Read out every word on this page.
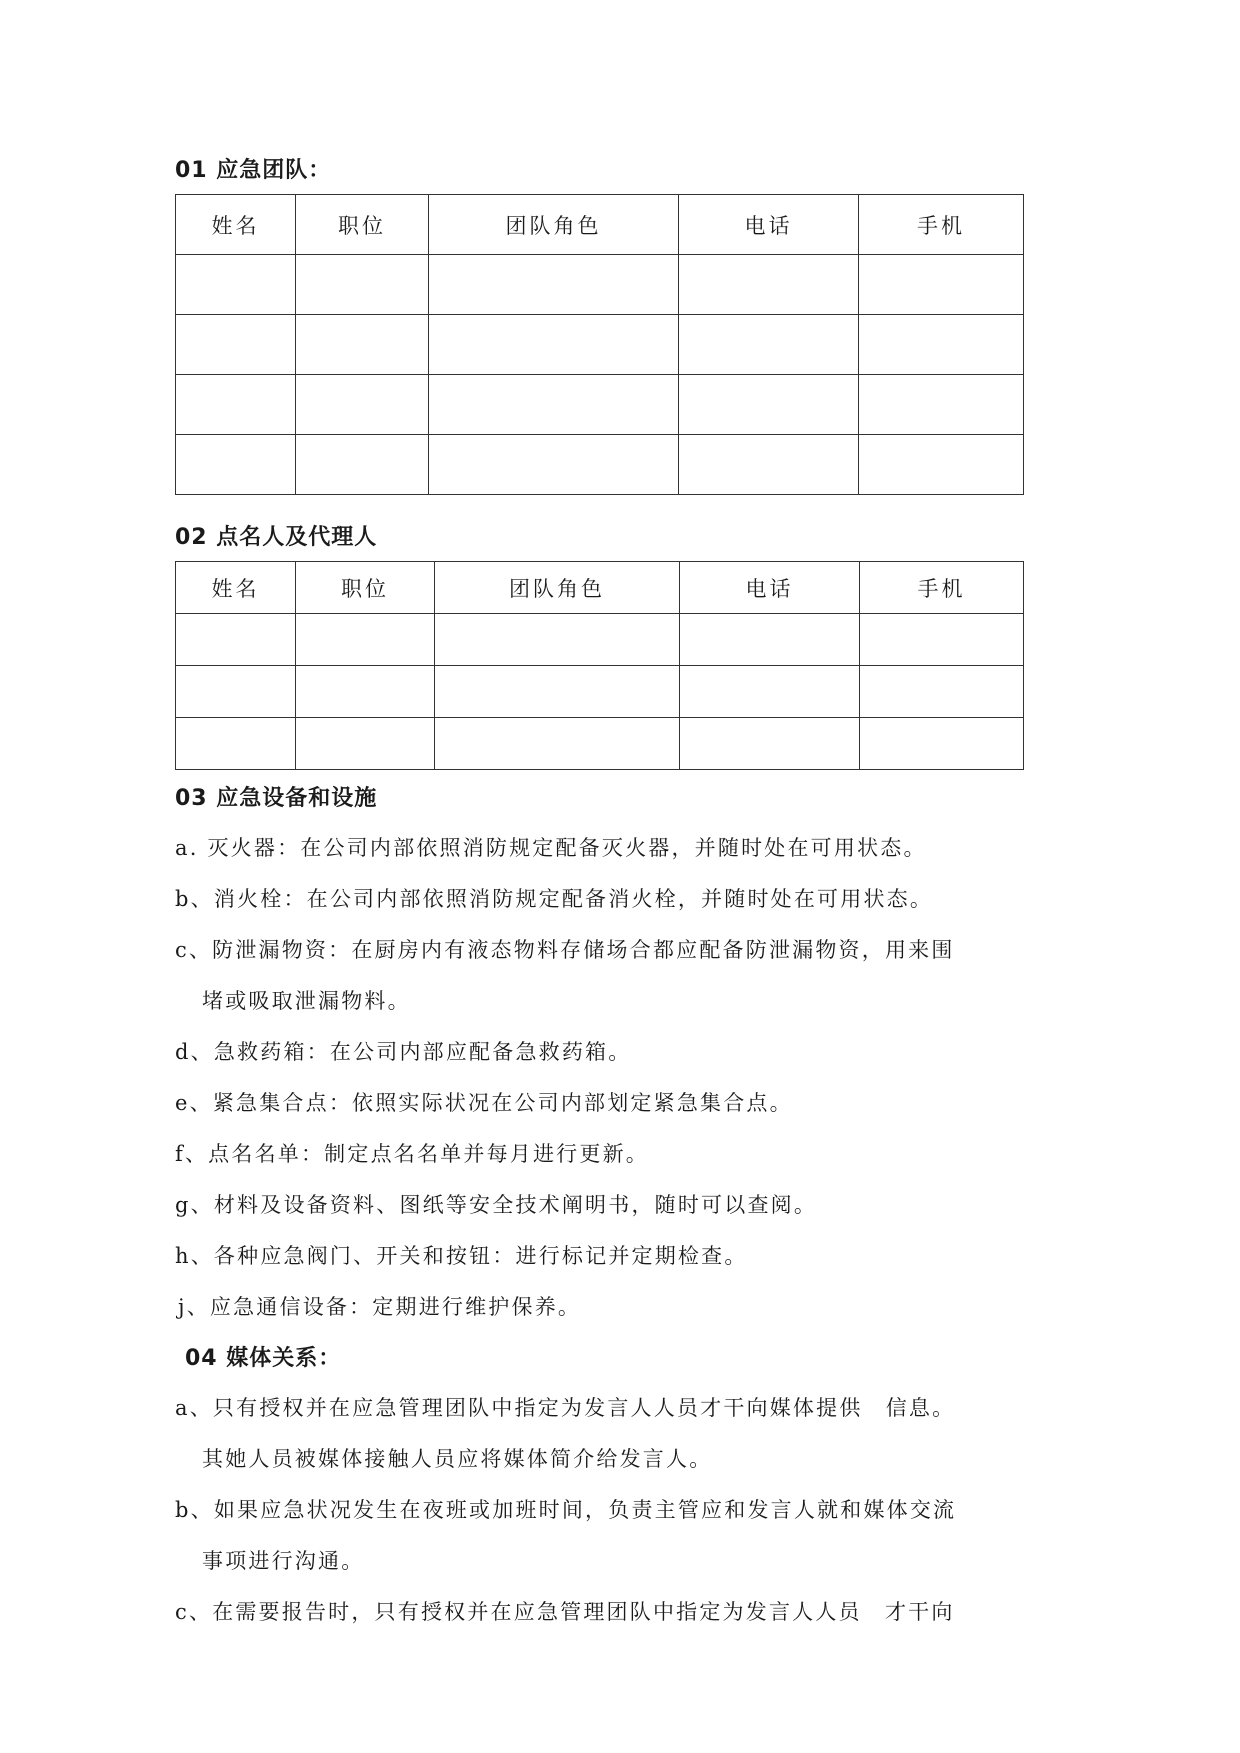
01 应急团队：
姓名	职位	团队角色	电话	手机

02 点名人及代理人
姓名	职位	团队角色	电话	手机

03 应急设备和设施
a. 灭火器：在公司内部依照消防规定配备灭火器，并随时处在可用状态。
b、消火栓：在公司内部依照消防规定配备消火栓，并随时处在可用状态。
c、防泄漏物资：在厨房内有液态物料存储场合都应配备防泄漏物资，用来围
堵或吸取泄漏物料。
d、急救药箱：在公司内部应配备急救药箱。
e、紧急集合点：依照实际状况在公司内部划定紧急集合点。
f、点名名单：制定点名名单并每月进行更新。
g、材料及设备资料、图纸等安全技术阐明书，随时可以查阅。
h、各种应急阀门、开关和按钮：进行标记并定期检查。
j、应急通信设备：定期进行维护保养。
04 媒体关系：
a、只有授权并在应急管理团队中指定为发言人人员才干向媒体提供　信息。
其她人员被媒体接触人员应将媒体简介给发言人。
b、如果应急状况发生在夜班或加班时间，负责主管应和发言人就和媒体交流
事项进行沟通。
c、在需要报告时，只有授权并在应急管理团队中指定为发言人人员　才干向
